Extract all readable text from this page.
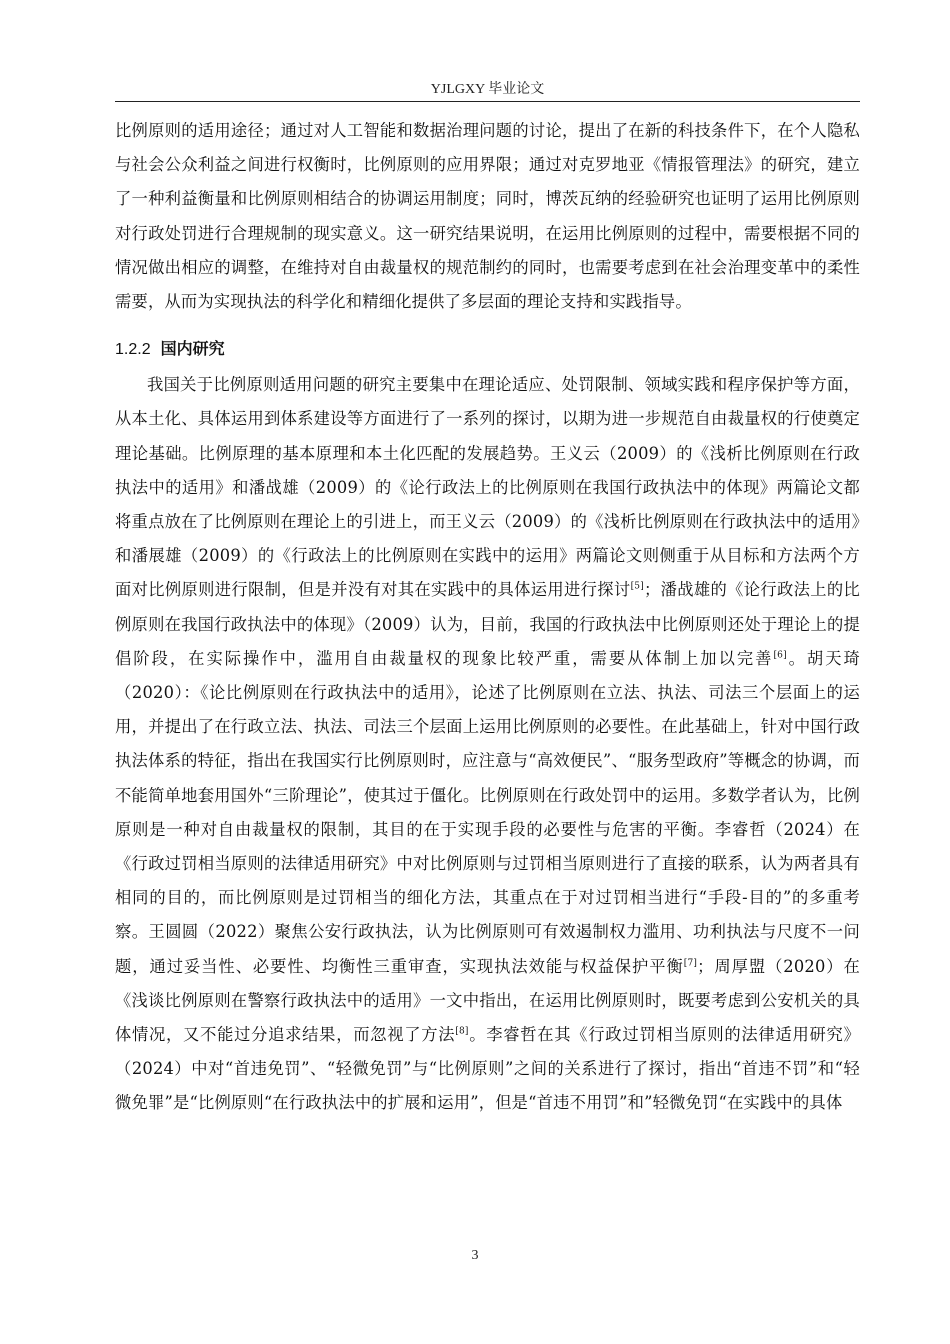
YJLGXY 毕业论文

比例原则的适用途径；通过对人工智能和数据治理问题的讨论，提出了在新的科技条件下，在个人隐私与社会公众利益之间进行权衡时，比例原则的应用界限；通过对克罗地亚《情报管理法》的研究，建立了一种利益衡量和比例原则相结合的协调运用制度；同时，博茨瓦纳的经验研究也证明了运用比例原则对行政处罚进行合理规制的现实意义。这一研究结果说明，在运用比例原则的过程中，需要根据不同的情况做出相应的调整，在维持对自由裁量权的规范制约的同时，也需要考虑到在社会治理变革中的柔性需要，从而为实现执法的科学化和精细化提供了多层面的理论支持和实践指导。

1.2.2 国内研究

我国关于比例原则适用问题的研究主要集中在理论适应、处罚限制、领域实践和程序保护等方面，从本土化、具体运用到体系建设等方面进行了一系列的探讨，以期为进一步规范自由裁量权的行使奠定理论基础。比例原理的基本原理和本土化匹配的发展趋势。王义云（2009）的《浅析比例原则在行政执法中的适用》和潘战雄（2009）的《论行政法上的比例原则在我国行政执法中的体现》两篇论文都将重点放在了比例原则在理论上的引进上，而王义云（2009）的《浅析比例原则在行政执法中的适用》和潘展雄（2009）的《行政法上的比例原则在实践中的运用》两篇论文则侧重于从目标和方法两个方面对比例原则进行限制，但是并没有对其在实践中的具体运用进行探讨[5]；潘战雄的《论行政法上的比例原则在我国行政执法中的体现》（2009）认为，目前，我国的行政执法中比例原则还处于理论上的提倡阶段，在实际操作中，滥用自由裁量权的现象比较严重，需要从体制上加以完善[6]。胡天琦（2020）：《论比例原则在行政执法中的适用》，论述了比例原则在立法、执法、司法三个层面上的运用，并提出了在行政立法、执法、司法三个层面上运用比例原则的必要性。在此基础上，针对中国行政执法体系的特征，指出在我国实行比例原则时，应注意与“高效便民”、“服务型政府”等概念的协调，而不能简单地套用国外“三阶理论”，使其过于僵化。比例原则在行政处罚中的运用。多数学者认为，比例原则是一种对自由裁量权的限制，其目的在于实现手段的必要性与危害的平衡。李睿哲（2024）在《行政过罚相当原则的法律适用研究》中对比例原则与过罚相当原则进行了直接的联系，认为两者具有相同的目的，而比例原则是过罚相当的细化方法，其重点在于对过罚相当进行“手段-目的”的多重考察。王圆圆（2022）聚焦公安行政执法，认为比例原则可有效遏制权力滥用、功利执法与尺度不一问题，通过妥当性、必要性、均衡性三重审查，实现执法效能与权益保护平衡[7]；周厚盟（2020）在《浅谈比例原则在警察行政执法中的适用》一文中指出，在运用比例原则时，既要考虑到公安机关的具体情况，又不能过分追求结果，而忽视了方法[8]。李睿哲在其《行政过罚相当原则的法律适用研究》（2024）中对“首违免罚”、“轻微免罚”与“比例原则”之间的关系进行了探讨，指出“首违不罚”和“轻微免罪”是“比例原则“在行政执法中的扩展和运用”，但是“首违不用罚”和”轻微免罚“在实践中的具体

3
